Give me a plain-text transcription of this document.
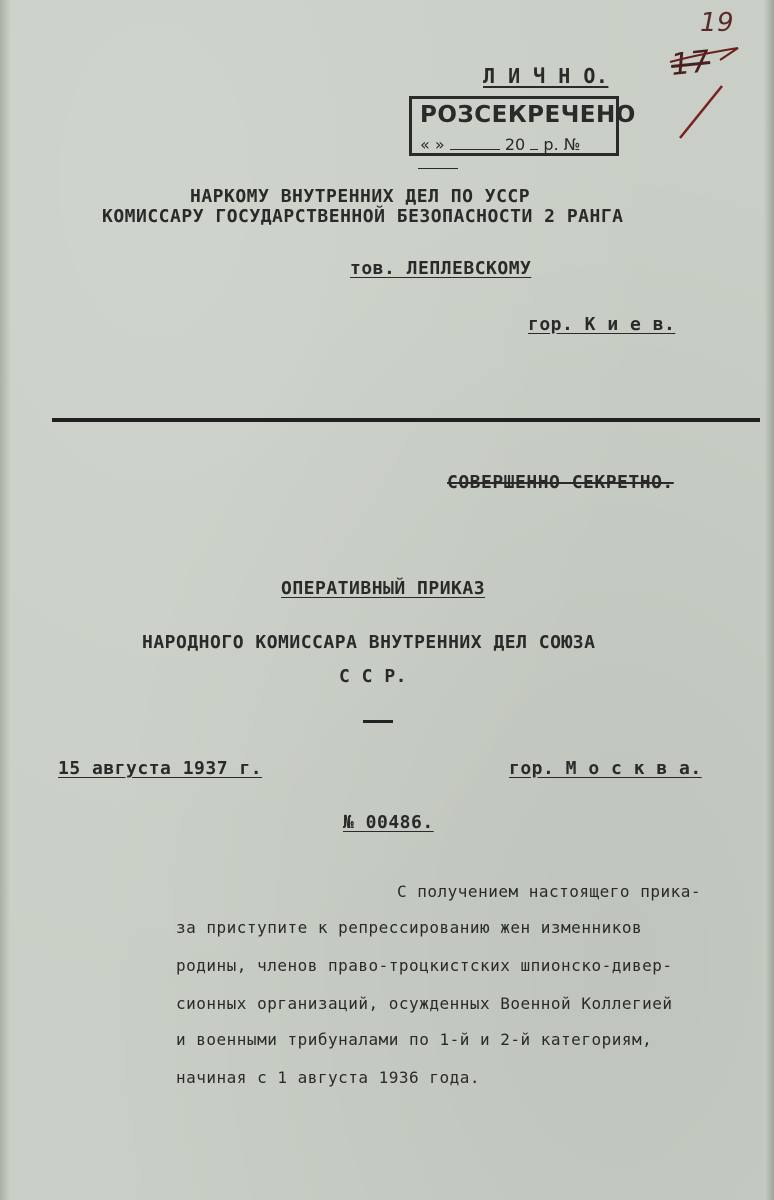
19
17
Л И Ч Н О.
РОЗСЕКРЕЧЕНО
« »	20 р. №
НАРКОМУ ВНУТРЕННИХ ДЕЛ ПО УССР
КОМИССАРУ ГОСУДАРСТВЕННОЙ БЕЗОПАСНОСТИ 2 РАНГА
тов. ЛЕПЛЕВСКОМУ
гор. К и е в.
СОВЕРШЕННО СЕКРЕТНО.
ОПЕРАТИВНЫЙ ПРИКАЗ
НАРОДНОГО КОМИССАРА ВНУТРЕННИХ ДЕЛ СОЮЗА
С С Р.
15 августа 1937 г.	гор. М о с к в а.
№ 00486.
С получением настоящего прика-
за приступите к репрессированию жен изменников
родины, членов право-троцкистских шпионско-дивер-
сионных организаций, осужденных Военной Коллегией
и военными трибуналами по 1-й и 2-й категориям,
начиная с 1 августа 1936 года.
